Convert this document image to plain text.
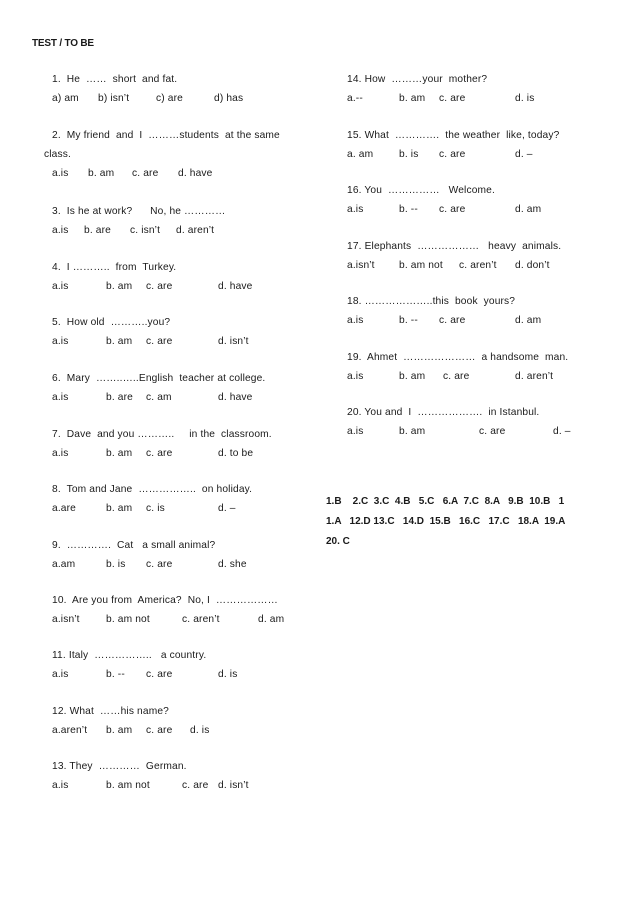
TEST / TO BE
1.  He  ……  short  and fat.
a) am b) isn’t	c) are	d) has
2.  My friend  and  I  ………students  at the same
class.
a.is b. am c. are d. have
3.  Is he at work?      No, he …………
a.is b. are c. isn’t d. aren’t
4.  I ………..  from  Turkey.
a.is	b. am c. are	d. have
5.  How old  ………..you?
a.is	b. am c. are	d. isn’t
6.  Mary  ……..…..English  teacher at college.
a.is	b. are c. am	d. have
7.  Dave  and you ………..     in the  classroom.
a.is	b. am c. are	d. to be
8.  Tom and Jane  ……………..  on holiday.
a.are	b. am c. is	d. –
9.  ………….  Cat   a small animal?
a.am	b. is c. are	d. she
10.  Are you from  America?  No, I  ………………
a.isn’t	b. am not	c. aren’t	d. am
11. Italy  ……………..   a country.
a.is	b. -- c. are	d. is
12. What  ……his name?
a.aren’t b. am c. are d. is
13. They  …………  German.
a.is	b. am not	c. are d. isn’t
14. How  ………your  mother?
a.--	b. am c. are	d. is
15. What  ………….  the weather  like, today?
a. am	b. is c. are	d. –
16. You  ……………   Welcome.
a.is	b. -- c. are	d. am
17. Elephants  ………………   heavy  animals.
a.isn’t b. am not c. aren’t d. don’t
18. ………………..this  book  yours?
a.is	b. -- c. are	d. am
19.  Ahmet  …………………  a handsome  man.
a.is	b. am c. are	d. aren’t
20. You and  I  ……………….  in Istanbul.
a.is	b. am	c. are	d. –
1.B    2.C  3.C  4.B   5.C   6.A  7.C  8.A   9.B  10.B   1
1.A   12.D 13.C   14.D  15.B   16.C   17.C   18.A  19.A
20. C
